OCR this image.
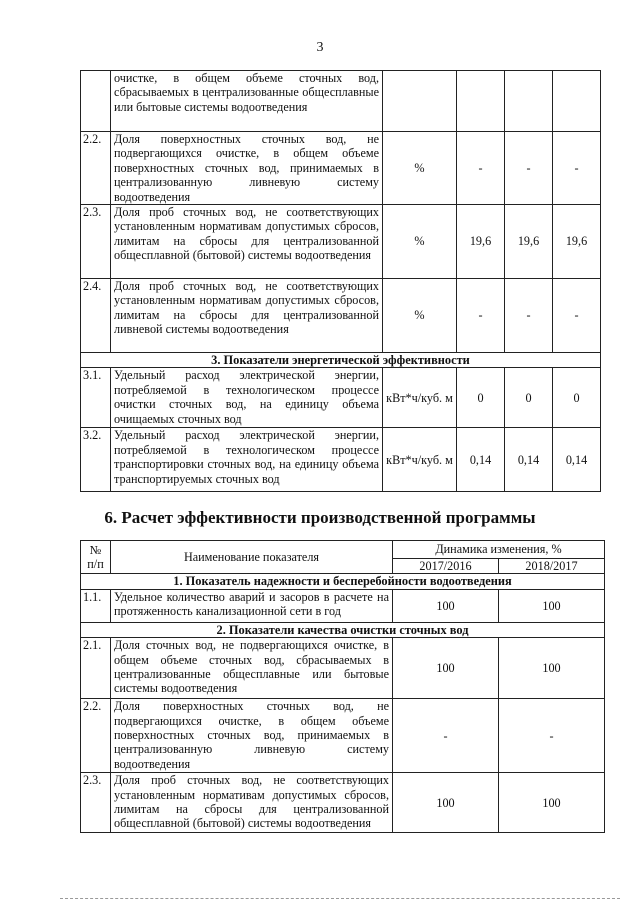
3
	очистке, в общем объеме сточных вод, сбрасываемых в централизованные общесплавные или бытовые системы водоотведения				
2.2.	Доля поверхностных сточных вод, не подвергающихся очистке, в общем объеме поверхностных сточных вод, принимаемых в централизованную ливневую систему водоотведения	%	-	-	-
2.3.	Доля проб сточных вод, не соответствующих установленным нормативам допустимых сбросов, лимитам на сбросы для централизованной общесплавной (бытовой) системы водоотведения	%	19,6	19,6	19,6
2.4.	Доля проб сточных вод, не соответствующих установленным нормативам допустимых сбросов, лимитам на сбросы для централизованной ливневой системы водоотведения	%	-	-	-
3. Показатели энергетической эффективности					
3.1.	Удельный расход электрической энергии, потребляемой в технологическом процессе очистки сточных вод, на единицу объема очищаемых сточных вод	кВт*ч/куб. м	0	0	0
3.2.	Удельный расход электрической энергии, потребляемой в технологическом процессе транспортировки сточных вод, на единицу объема транспортируемых сточных вод	кВт*ч/куб. м	0,14	0,14	0,14
6. Расчет эффективности производственной программы
№ п/п	Наименование показателя	Динамика изменения, %	
		2017/2016	2018/2017
1. Показатель надежности и бесперебойности водоотведения			
1.1.	Удельное количество аварий и засоров в расчете на протяженность канализационной сети в год	100	100
2. Показатели качества очистки сточных вод			
2.1.	Доля сточных вод, не подвергающихся очистке, в общем объеме сточных вод, сбрасываемых в централизованные общесплавные или бытовые системы водоотведения	100	100
2.2.	Доля поверхностных сточных вод, не подвергающихся очистке, в общем объеме поверхностных сточных вод, принимаемых в централизованную ливневую систему водоотведения	-	-
2.3.	Доля проб сточных вод, не соответствующих установленным нормативам допустимых сбросов, лимитам на сбросы для централизованной общесплавной (бытовой) системы водоотведения	100	100
